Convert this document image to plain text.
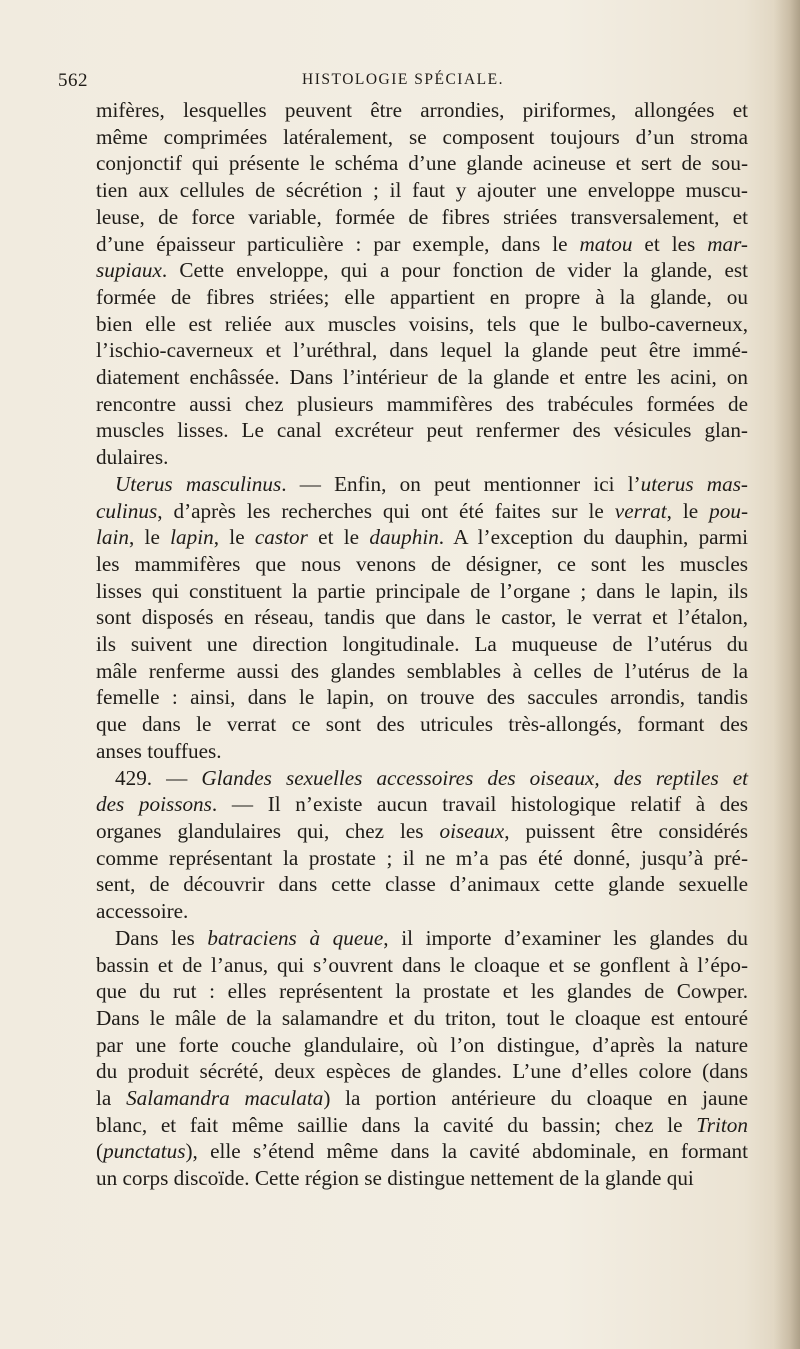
562	HISTOLOGIE SPÉCIALE.
mifères, lesquelles peuvent être arrondies, piriformes, allongées et
même comprimées latéralement, se composent toujours d’un stroma
conjonctif qui présente le schéma d’une glande acineuse et sert de sou-
tien aux cellules de sécrétion ; il faut y ajouter une enveloppe muscu-
leuse, de force variable, formée de fibres striées transversalement, et
d’une épaisseur particulière : par exemple, dans le matou et les mar-
supiaux. Cette enveloppe, qui a pour fonction de vider la glande, est
formée de fibres striées; elle appartient en propre à la glande, ou
bien elle est reliée aux muscles voisins, tels que le bulbo-caverneux,
l’ischio-caverneux et l’uréthral, dans lequel la glande peut être immé-
diatement enchâssée. Dans l’intérieur de la glande et entre les acini, on
rencontre aussi chez plusieurs mammifères des trabécules formées de
muscles lisses. Le canal excréteur peut renfermer des vésicules glan-
dulaires.
Uterus masculinus. — Enfin, on peut mentionner ici l’uterus mas-
culinus, d’après les recherches qui ont été faites sur le verrat, le pou-
lain, le lapin, le castor et le dauphin. A l’exception du dauphin, parmi
les mammifères que nous venons de désigner, ce sont les muscles
lisses qui constituent la partie principale de l’organe ; dans le lapin, ils
sont disposés en réseau, tandis que dans le castor, le verrat et l’étalon,
ils suivent une direction longitudinale. La muqueuse de l’utérus du
mâle renferme aussi des glandes semblables à celles de l’utérus de la
femelle : ainsi, dans le lapin, on trouve des saccules arrondis, tandis
que dans le verrat ce sont des utricules très-allongés, formant des
anses touffues.
429. — Glandes sexuelles accessoires des oiseaux, des reptiles et
des poissons. — Il n’existe aucun travail histologique relatif à des
organes glandulaires qui, chez les oiseaux, puissent être considérés
comme représentant la prostate ; il ne m’a pas été donné, jusqu’à pré-
sent, de découvrir dans cette classe d’animaux cette glande sexuelle
accessoire.
Dans les batraciens à queue, il importe d’examiner les glandes du
bassin et de l’anus, qui s’ouvrent dans le cloaque et se gonflent à l’épo-
que du rut : elles représentent la prostate et les glandes de Cowper.
Dans le mâle de la salamandre et du triton, tout le cloaque est entouré
par une forte couche glandulaire, où l’on distingue, d’après la nature
du produit sécrété, deux espèces de glandes. L’une d’elles colore (dans
la Salamandra maculata) la portion antérieure du cloaque en jaune
blanc, et fait même saillie dans la cavité du bassin; chez le Triton
(punctatus), elle s’étend même dans la cavité abdominale, en formant
un corps discoïde. Cette région se distingue nettement de la glande qui
